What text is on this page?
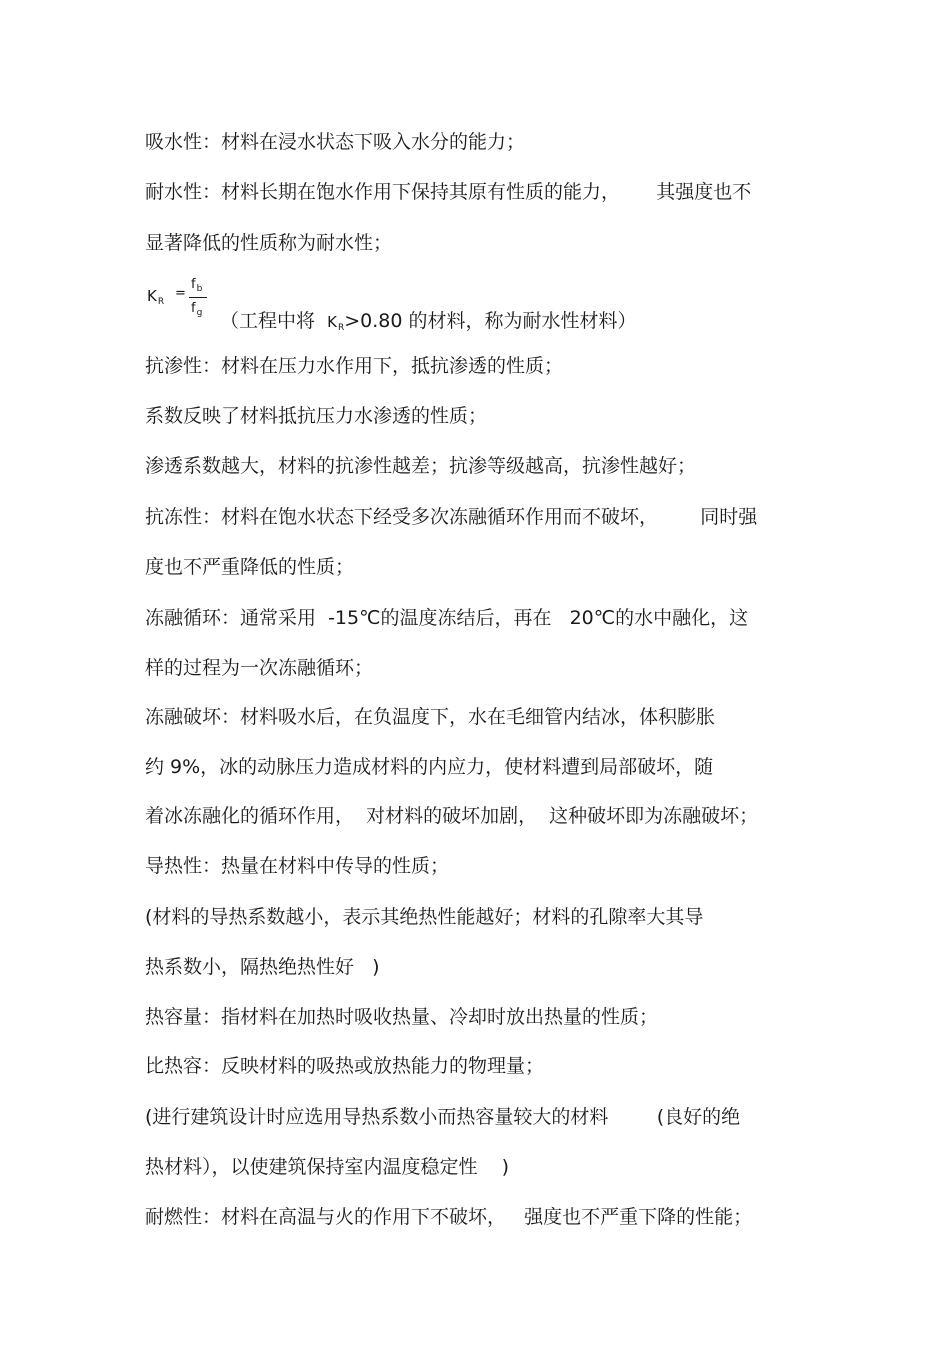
吸水性：材料在浸水状态下吸入水分的能力；
耐水性：材料长期在饱水作用下保持其原有性质的能力，      其强度也不
显著降低的性质称为耐水性；
$K_R$
=
$f_b$
$f_g$ （工程中将  $K_R>0.80$ 的材料，称为耐水性材料）
抗渗性：材料在压力水作用下，抵抗渗透的性质；
系数反映了材料抵抗压力水渗透的性质；
渗透系数越大，材料的抗渗性越差；抗渗等级越高，抗渗性越好；
抗冻性：材料在饱水状态下经受多次冻融循环作用而不破坏，       同时强
度也不严重降低的性质；
冻融循环：通常采用  -15℃的温度冻结后，再在   20℃的水中融化，这
样的过程为一次冻融循环；
冻融破坏：材料吸水后，在负温度下，水在毛细管内结冰，体积膨胀
约 9%，冰的动脉压力造成材料的内应力，使材料遭到局部破坏，随
着冰冻融化的循环作用，  对材料的破坏加剧，  这种破坏即为冻融破坏；
导热性：热量在材料中传导的性质；
(材料的导热系数越小，表示其绝热性能越好；材料的孔隙率大其导
热系数小，隔热绝热性好   )
热容量：指材料在加热时吸收热量、冷却时放出热量的性质；
比热容：反映材料的吸热或放热能力的物理量；
(进行建筑设计时应选用导热系数小而热容量较大的材料        (良好的绝
热材料），以使建筑保持室内温度稳定性    )
耐燃性：材料在高温与火的作用下不破坏，   强度也不严重下降的性能；
